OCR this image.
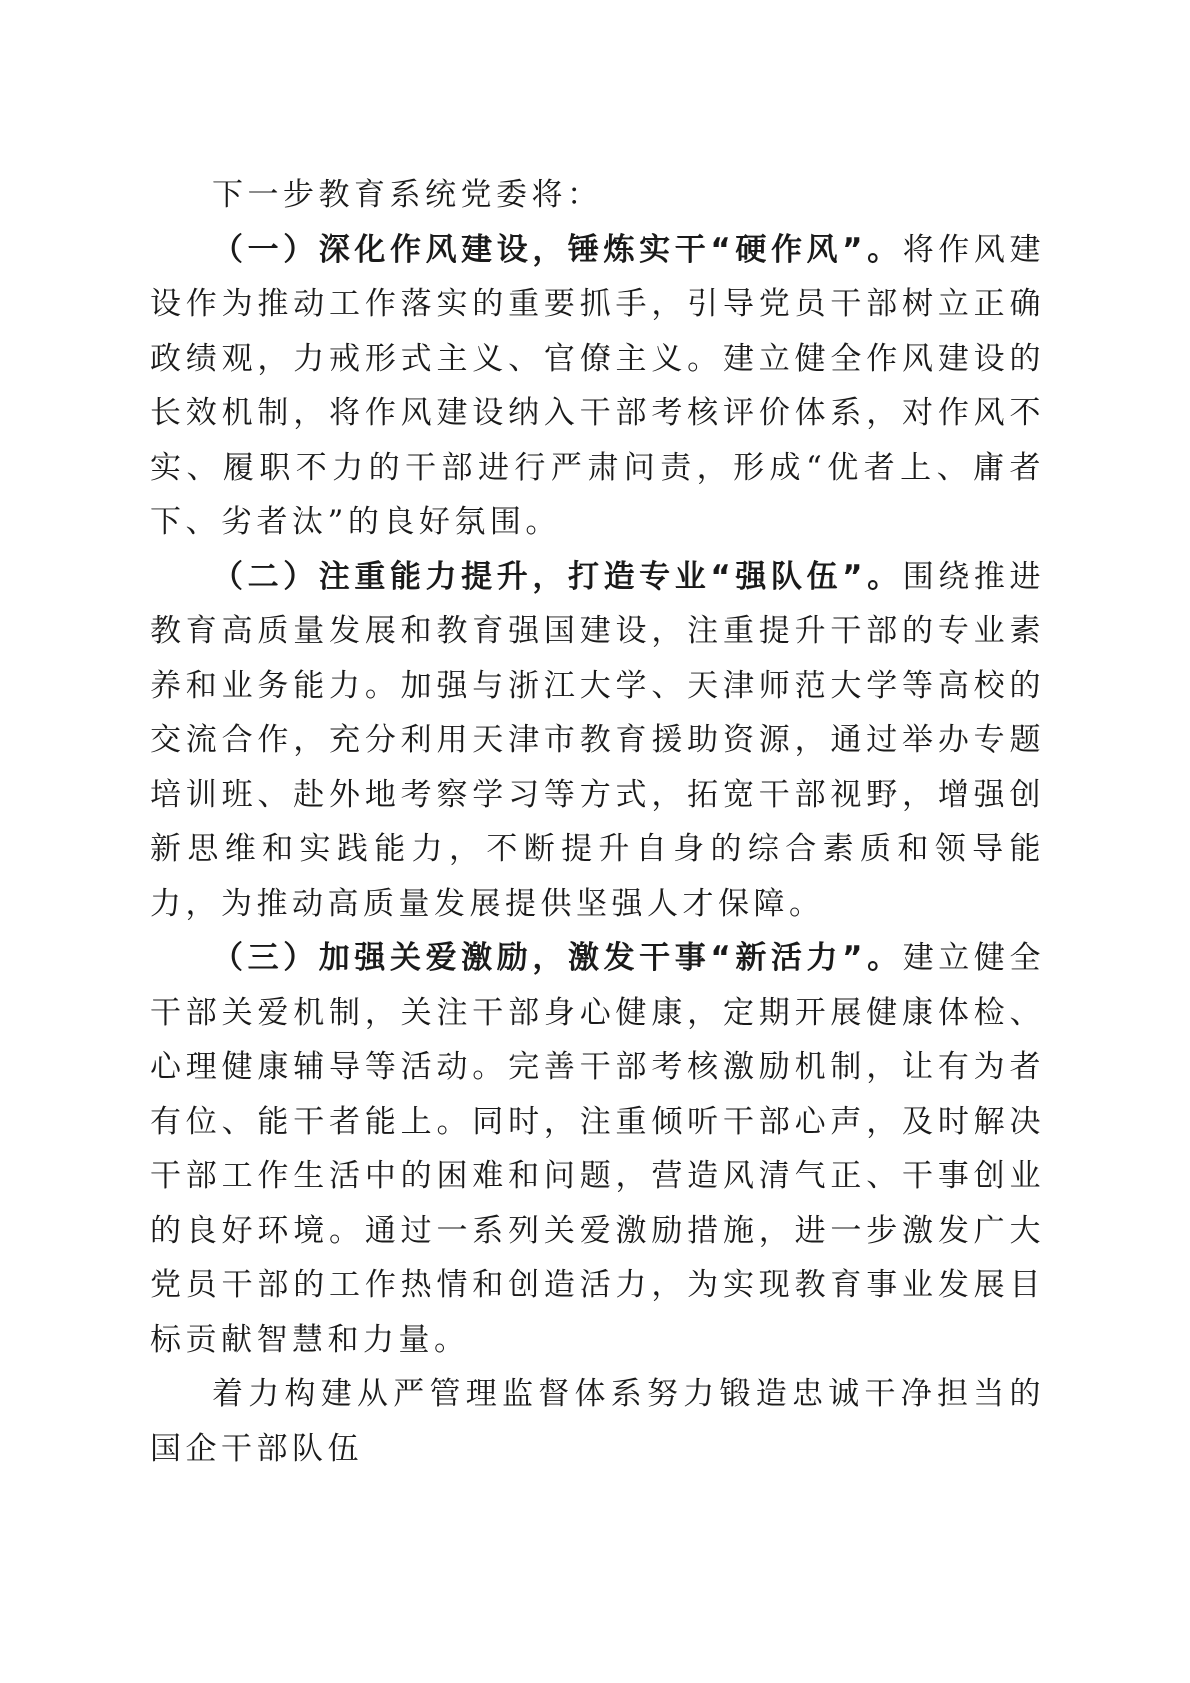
下一步教育系统党委将：

（一）深化作风建设，锤炼实干“硬作风”。将作风建设作为推动工作落实的重要抓手，引导党员干部树立正确政绩观，力戒形式主义、官僚主义。建立健全作风建设的长效机制，将作风建设纳入干部考核评价体系，对作风不实、履职不力的干部进行严肃问责，形成“优者上、庸者下、劣者汰”的良好氛围。

（二）注重能力提升，打造专业“强队伍”。围绕推进教育高质量发展和教育强国建设，注重提升干部的专业素养和业务能力。加强与浙江大学、天津师范大学等高校的交流合作，充分利用天津市教育援助资源，通过举办专题培训班、赴外地考察学习等方式，拓宽干部视野，增强创新思维和实践能力，不断提升自身的综合素质和领导能力，为推动高质量发展提供坚强人才保障。

（三）加强关爱激励，激发干事“新活力”。建立健全干部关爱机制，关注干部身心健康，定期开展健康体检、心理健康辅导等活动。完善干部考核激励机制，让有为者有位、能干者能上。同时，注重倾听干部心声，及时解决干部工作生活中的困难和问题，营造风清气正、干事创业的良好环境。通过一系列关爱激励措施，进一步激发广大党员干部的工作热情和创造活力，为实现教育事业发展目标贡献智慧和力量。

着力构建从严管理监督体系努力锻造忠诚干净担当的国企干部队伍
